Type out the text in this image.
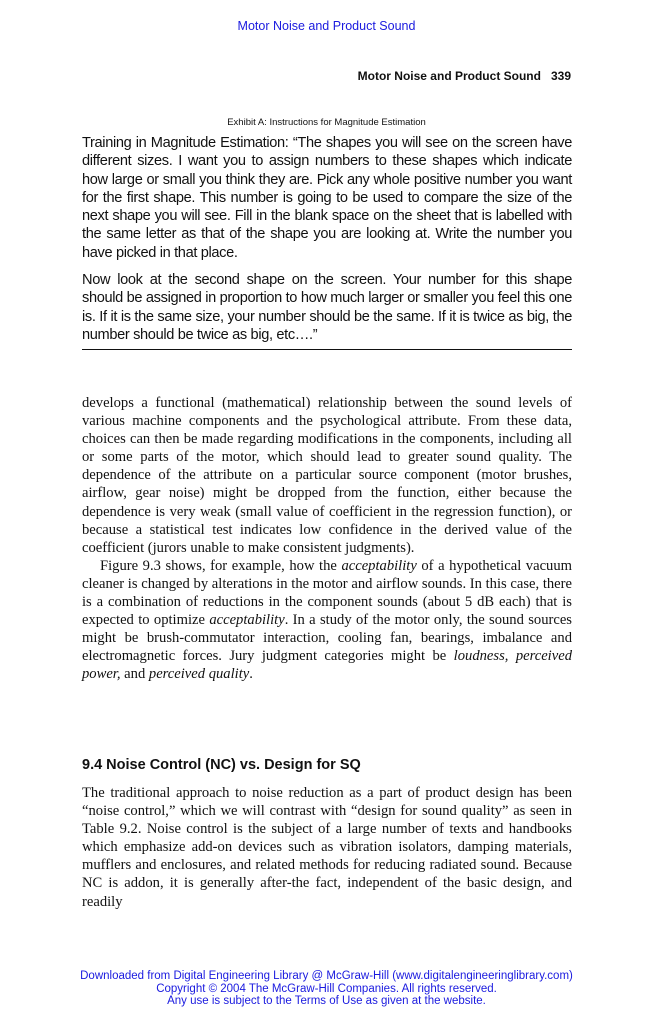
Motor Noise and Product Sound
Motor Noise and Product Sound 339
Exhibit A: Instructions for Magnitude Estimation

Training in Magnitude Estimation: “The shapes you will see on the screen have different sizes. I want you to assign numbers to these shapes which indicate how large or small you think they are. Pick any whole positive number you want for the first shape. This number is going to be used to compare the size of the next shape you will see. Fill in the blank space on the sheet that is labelled with the same letter as that of the shape you are looking at. Write the number you have picked in that place.

Now look at the second shape on the screen. Your number for this shape should be assigned in proportion to how much larger or smaller you feel this one is. If it is the same size, your number should be the same. If it is twice as big, the number should be twice as big, etc….”

develops a functional (mathematical) relationship between the sound levels of various machine components and the psychological attribute. From these data, choices can then be made regarding modifications in the components, including all or some parts of the motor, which should lead to greater sound quality. The dependence of the attribute on a particular source component (motor brushes, airflow, gear noise) might be dropped from the function, either because the dependence is very weak (small value of coefficient in the regression function), or because a statistical test indicates low confidence in the derived value of the coefficient (jurors unable to make consistent judgments).

Figure 9.3 shows, for example, how the acceptability of a hypothetical vacuum cleaner is changed by alterations in the motor and airflow sounds. In this case, there is a combination of reductions in the component sounds (about 5 dB each) that is expected to optimize acceptability. In a study of the motor only, the sound sources might be brush-commutator interaction, cooling fan, bearings, imbalance and electromagnetic forces. Jury judgment categories might be loudness, perceived power, and perceived quality.

9.4 Noise Control (NC) vs. Design for SQ

The traditional approach to noise reduction as a part of product design has been “noise control,” which we will contrast with “design for sound quality” as seen in Table 9.2. Noise control is the subject of a large number of texts and handbooks which emphasize add-on devices such as vibration isolators, damping materials, mufflers and enclosures, and related methods for reducing radiated sound. Because NC is addon, it is generally after-the fact, independent of the basic design, and readily

Downloaded from Digital Engineering Library @ McGraw-Hill (www.digitalengineeringlibrary.com)
Copyright © 2004 The McGraw-Hill Companies. All rights reserved.
Any use is subject to the Terms of Use as given at the website.
